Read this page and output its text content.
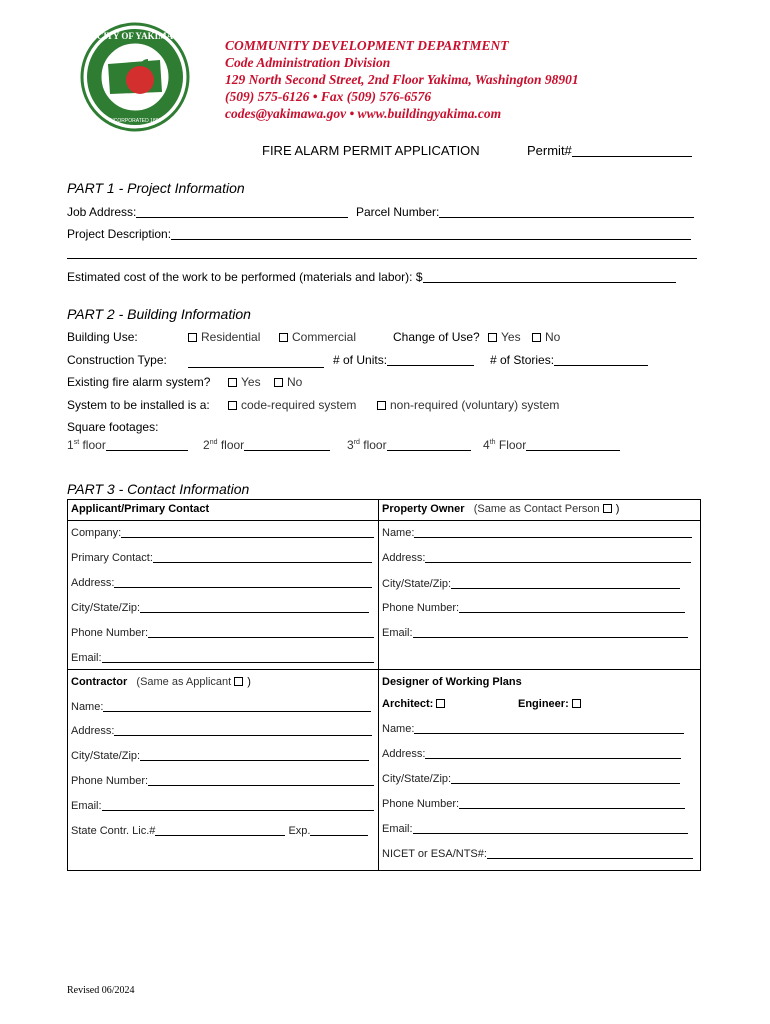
CITY OF YAKIMA
INCORPORATED 1886
COMMUNITY DEVELOPMENT DEPARTMENT
Code Administration Division
129 North Second Street, 2nd Floor Yakima, Washington 98901
(509) 575-6126 • Fax (509) 576-6576
codes@yakimawa.gov • www.buildingyakima.com
FIRE ALARM PERMIT APPLICATION	Permit#
PART 1 - Project Information
Job Address:	Parcel Number:
Project Description:
Estimated cost of the work to be performed (materials and labor): $
PART 2 - Building Information
Building Use:	Residential	Commercial	Change of Use?	Yes	No
Construction Type:	# of Units:	# of Stories:
Existing fire alarm system?	Yes	No
System to be installed is a:	code-required system	non-required (voluntary) system
Square footages:
1st floor	2nd floor	3rd floor	4th Floor
PART 3 - Contact Information
Applicant/Primary Contact
Company:
Primary Contact:
Address:
City/State/Zip:
Phone Number:
Email:
Property Owner (Same as Contact Person )
Name:
Address:
City/State/Zip:
Phone Number:
Email:
Contractor (Same as Applicant )
Name:
Address:
City/State/Zip:
Phone Number:
Email:
State Contr. Lic.#	Exp.
Designer of Working Plans
Architect:	Engineer:
Name:
Address:
City/State/Zip:
Phone Number:
Email:
NICET or ESA/NTS#:
Revised 06/2024
